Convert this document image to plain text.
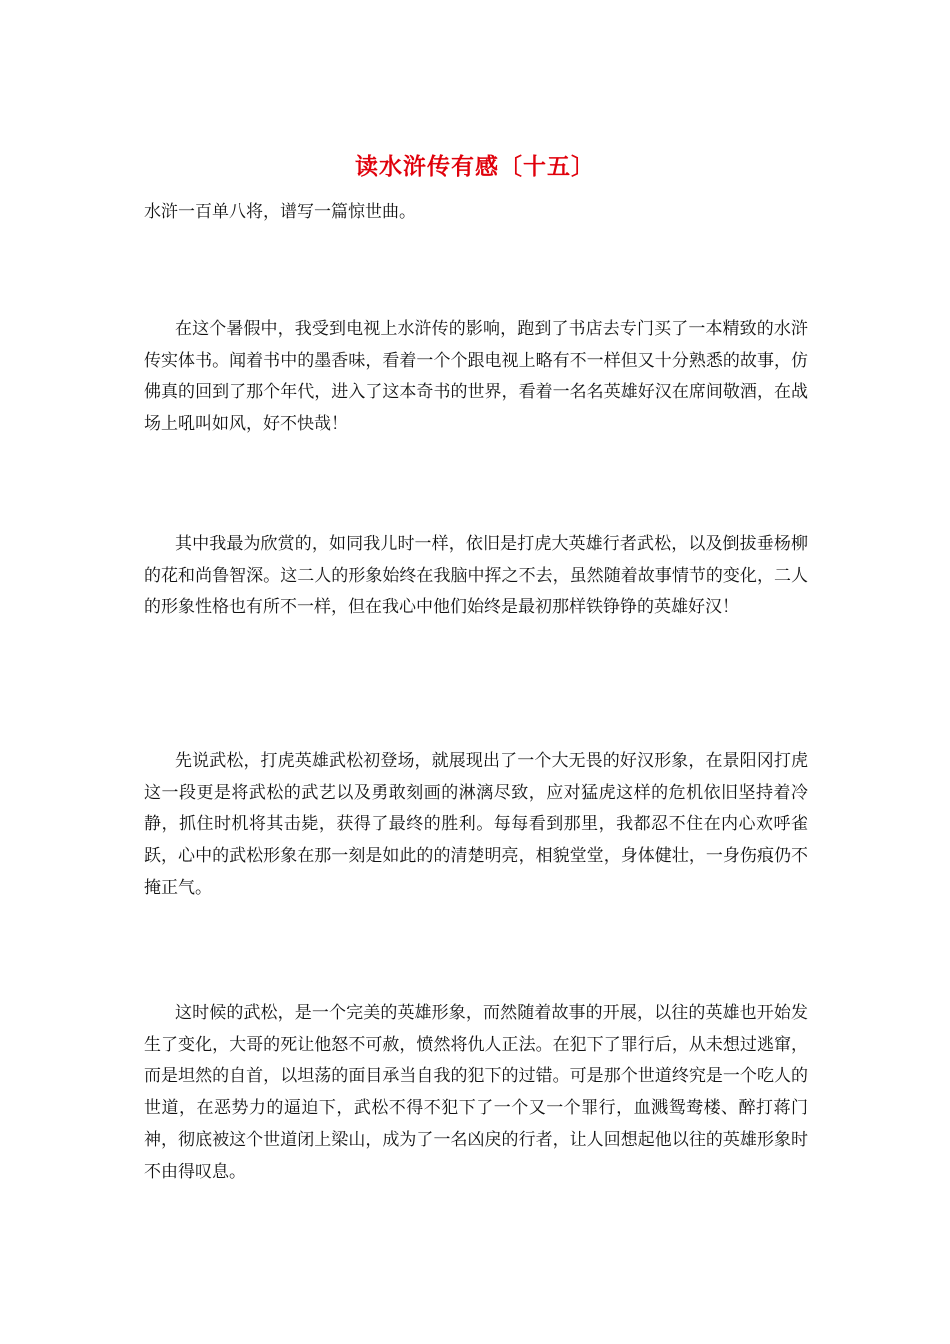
读水浒传有感〔十五〕
水浒一百单八将，谱写一篇惊世曲。

在这个暑假中，我受到电视上水浒传的影响，跑到了书店去专门买了一本精致的水浒传实体书。闻着书中的墨香味，看着一个个跟电视上略有不一样但又十分熟悉的故事，仿佛真的回到了那个年代，进入了这本奇书的世界，看着一名名英雄好汉在席间敬酒，在战场上吼叫如风，好不快哉！

其中我最为欣赏的，如同我儿时一样，依旧是打虎大英雄行者武松，以及倒拔垂杨柳的花和尚鲁智深。这二人的形象始终在我脑中挥之不去，虽然随着故事情节的变化，二人的形象性格也有所不一样，但在我心中他们始终是最初那样铁铮铮的英雄好汉！

先说武松，打虎英雄武松初登场，就展现出了一个大无畏的好汉形象，在景阳冈打虎这一段更是将武松的武艺以及勇敢刻画的淋漓尽致，应对猛虎这样的危机依旧坚持着冷静，抓住时机将其击毙，获得了最终的胜利。每每看到那里，我都忍不住在内心欢呼雀跃，心中的武松形象在那一刻是如此的的清楚明亮，相貌堂堂，身体健壮，一身伤痕仍不掩正气。

这时候的武松，是一个完美的英雄形象，而然随着故事的开展，以往的英雄也开始发生了变化，大哥的死让他怒不可赦，愤然将仇人正法。在犯下了罪行后，从未想过逃窜，而是坦然的自首，以坦荡的面目承当自我的犯下的过错。可是那个世道终究是一个吃人的世道，在恶势力的逼迫下，武松不得不犯下了一个又一个罪行，血溅鸳鸯楼、醉打蒋门神，彻底被这个世道闭上梁山，成为了一名凶戾的行者，让人回想起他以往的英雄形象时不由得叹息。
